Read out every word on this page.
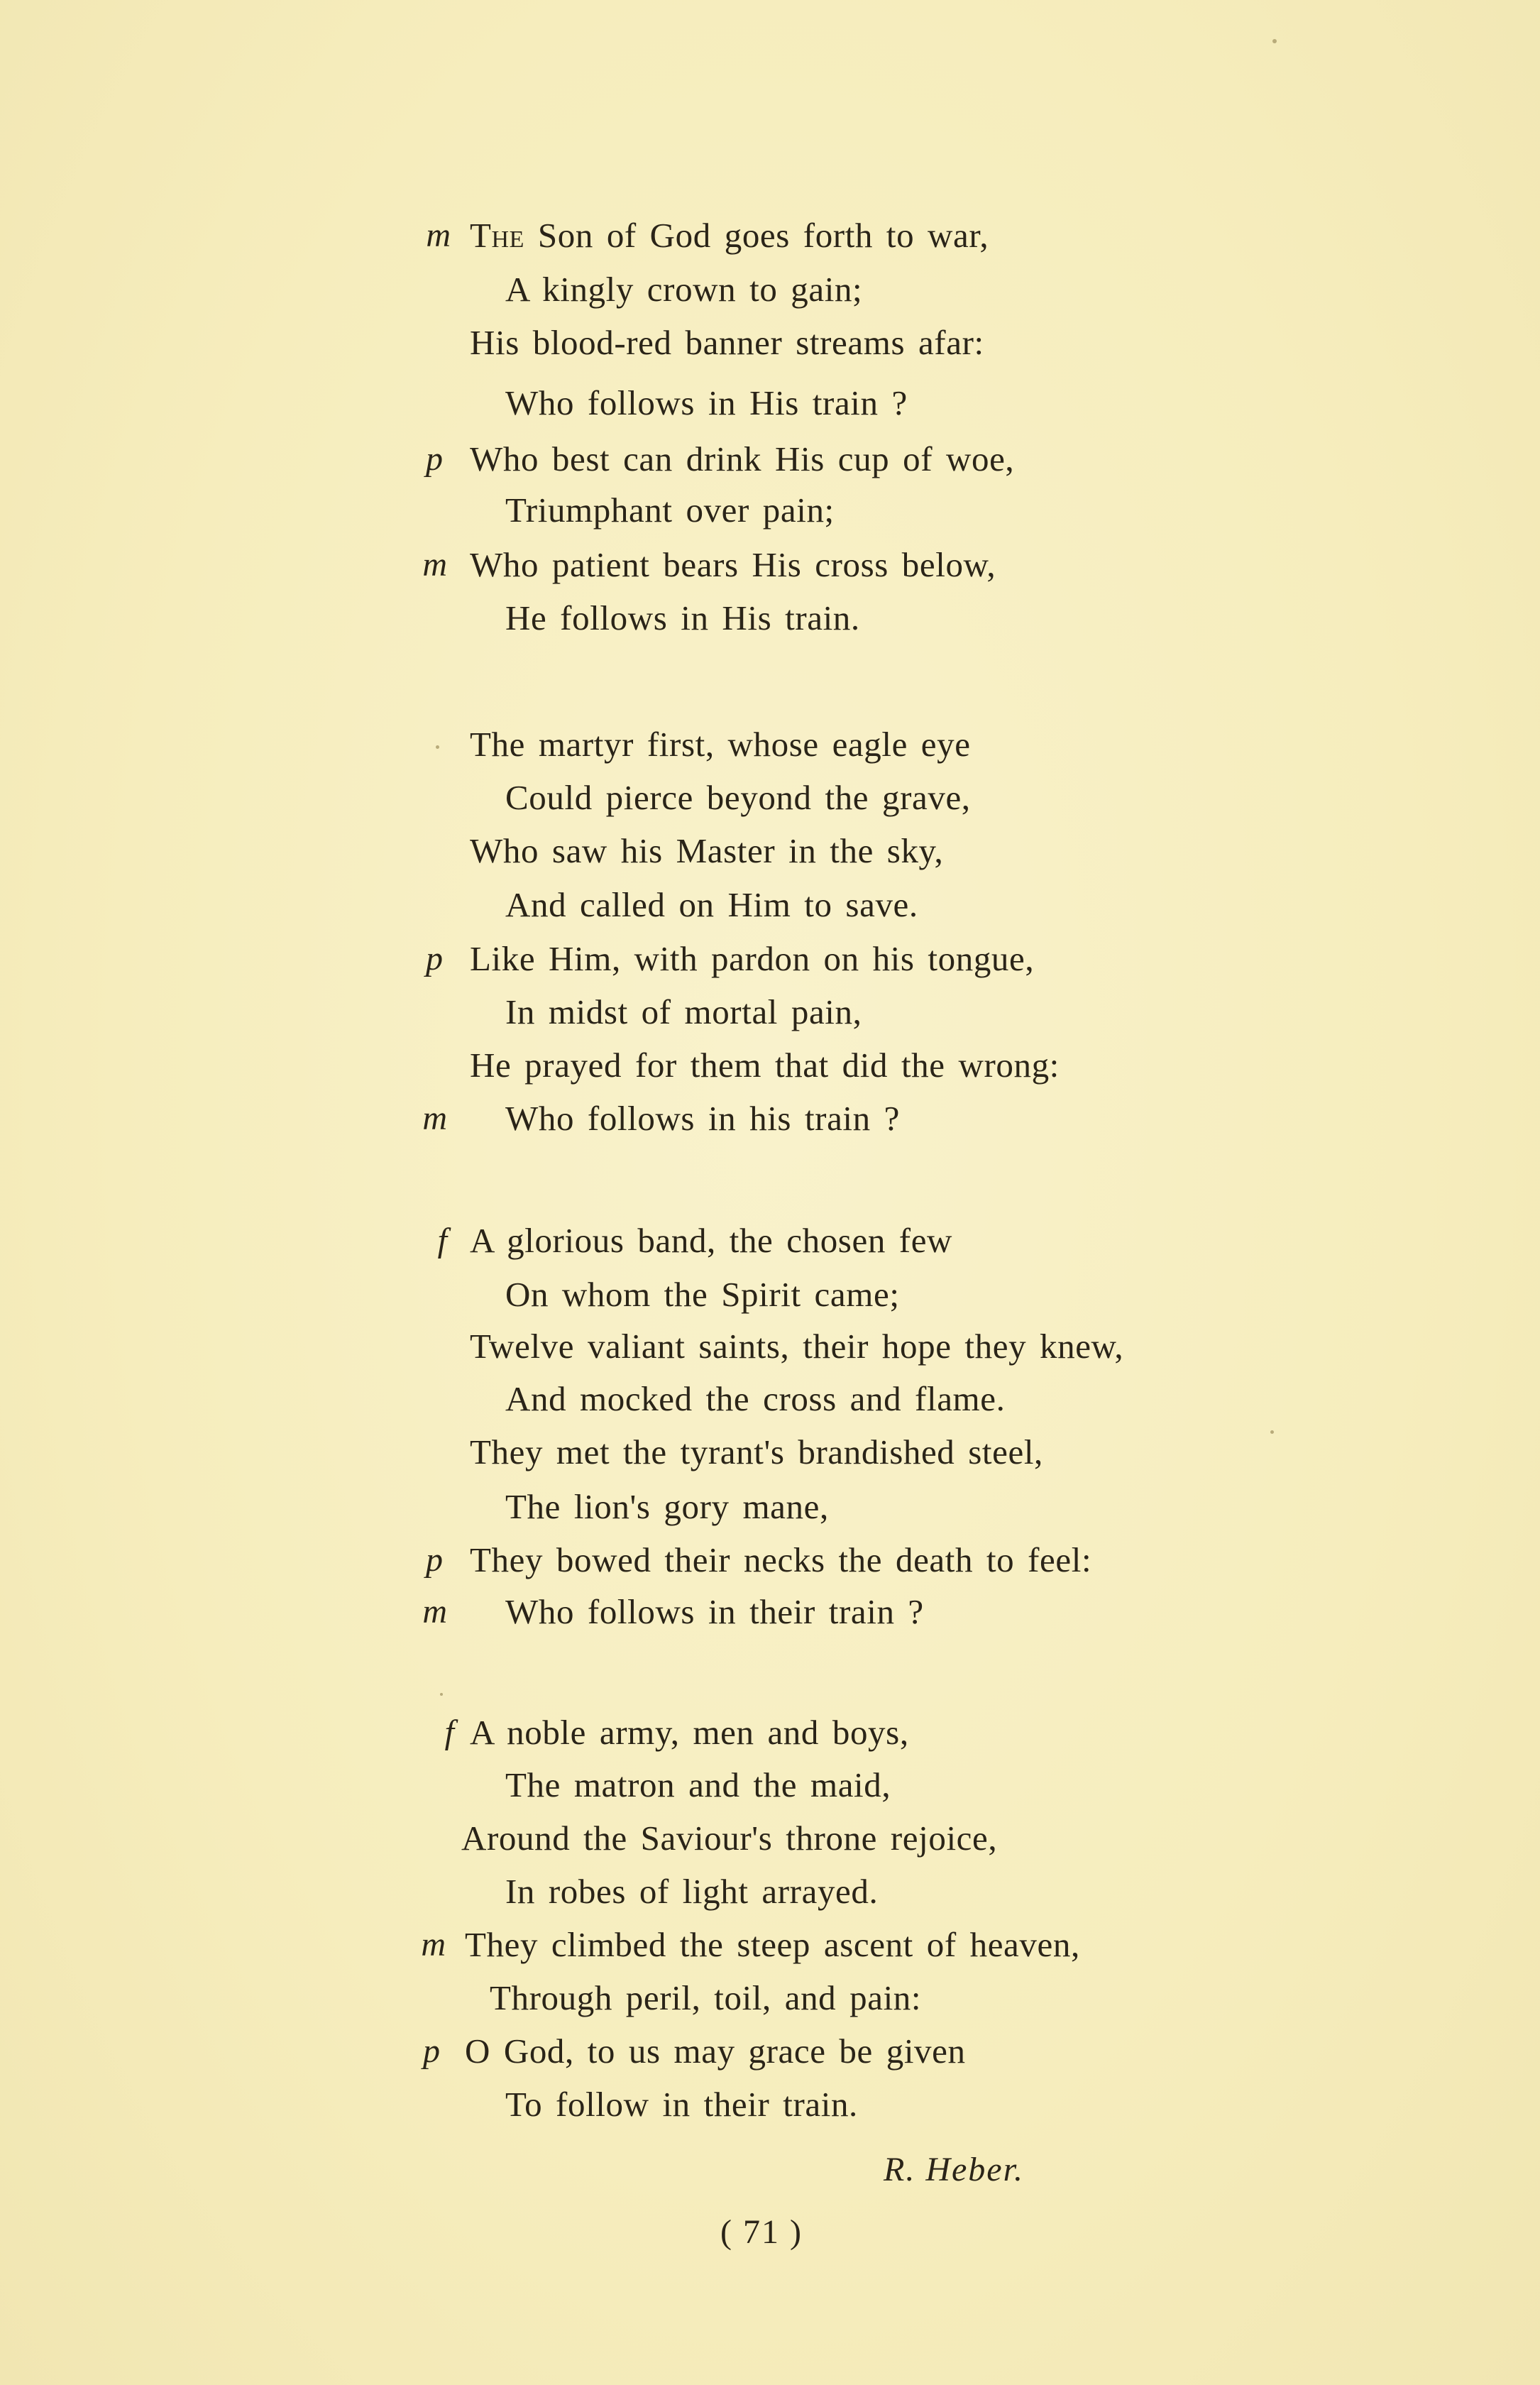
m The Son of God goes forth to war,
A kingly crown to gain;
His blood-red banner streams afar:
Who follows in His train ?
p Who best can drink His cup of woe,
Triumphant over pain;
m Who patient bears His cross below,
He follows in His train.
The martyr first, whose eagle eye
Could pierce beyond the grave,
Who saw his Master in the sky,
And called on Him to save.
p Like Him, with pardon on his tongue,
In midst of mortal pain,
He prayed for them that did the wrong:
m Who follows in his train ?
f A glorious band, the chosen few
On whom the Spirit came;
Twelve valiant saints, their hope they knew,
And mocked the cross and flame.
They met the tyrant's brandished steel,
The lion's gory mane,
p They bowed their necks the death to feel:
m Who follows in their train ?
f A noble army, men and boys,
The matron and the maid,
Around the Saviour's throne rejoice,
In robes of light arrayed.
m They climbed the steep ascent of heaven,
Through peril, toil, and pain:
p O God, to us may grace be given
To follow in their train.
R. Heber.
( 71 )
